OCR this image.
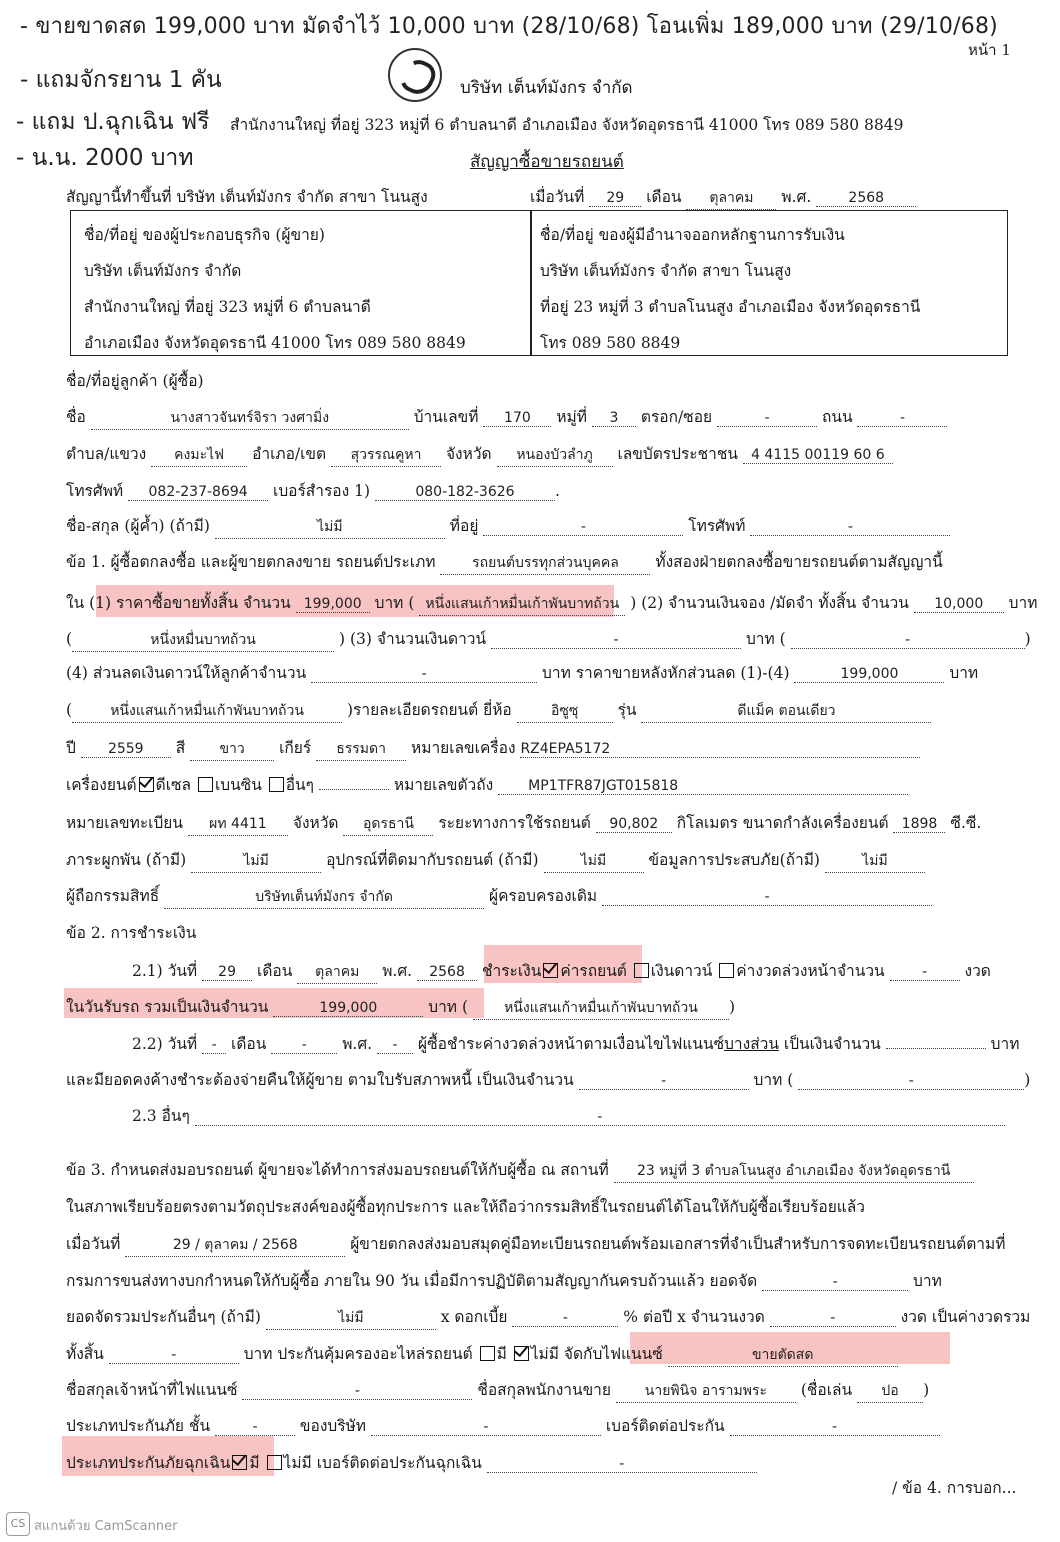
- ขายขาดสด 199,000 บาท มัดจำไว้ 10,000 บาท (28/10/68) โอนเพิ่ม 189,000 บาท (29/10/68)
- แถมจักรยาน 1 คัน
- แถม ป.ฉุกเฉิน ฟรี
- น.น. 2000 บาท
หน้า 1
บริษัท เต็นท์มังกร จำกัด
สำนักงานใหญ่ ที่อยู่ 323 หมู่ที่ 6 ตำบลนาดี อำเภอเมือง จังหวัดอุดรธานี 41000 โทร 089 580 8849
สัญญาซื้อขายรถยนต์
สัญญานี้ทำขึ้นที่ บริษัท เต็นท์มังกร จำกัด สาขา โนนสูง	เมื่อวันที่ 29 เดือน ตุลาคม พ.ศ.	2568
ชื่อ/ที่อยู่ ของผู้ประกอบธุรกิจ (ผู้ขาย)
บริษัท เต็นท์มังกร จำกัด
สำนักงานใหญ่ ที่อยู่ 323 หมู่ที่ 6 ตำบลนาดี
อำเภอเมือง จังหวัดอุดรธานี 41000 โทร 089 580 8849
ชื่อ/ที่อยู่ ของผู้มีอำนาจออกหลักฐานการรับเงิน
บริษัท เต็นท์มังกร จำกัด สาขา โนนสูง
ที่อยู่ 23 หมู่ที่ 3 ตำบลโนนสูง อำเภอเมือง จังหวัดอุดรธานี
โทร 089 580 8849
ชื่อ/ที่อยู่ลูกค้า (ผู้ซื้อ)
ชื่อ	นางสาวจันทร์จิรา วงศามิ่ง	บ้านเลขที่ 170 หมู่ที่ 3 ตรอก/ซอย	-	ถนน	-
ตำบล/แขวง คงมะไฟ อำเภอ/เขต สุวรรณคูหา จังหวัด หนองบัวลำภู เลขบัตรประชาชน 4 4115 00119 60 6
โทรศัพท์ 082-237-8694 เบอร์สำรอง 1)	080-182-3626	.
ชื่อ-สกุล (ผู้ค้ำ) (ถ้ามี)	ไม่มี	ที่อยู่	-	โทรศัพท์	-
ข้อ 1. ผู้ซื้อตกลงซื้อ และผู้ขายตกลงขาย รถยนต์ประเภท	รถยนต์บรรทุกส่วนบุคคล ทั้งสองฝ่ายตกลงซื้อขายรถยนต์ตามสัญญานี้
ใน (1) ราคาซื้อขายทั้งสิ้น จำนวน 199,000 บาท ( หนึ่งแสนเก้าหมื่นเก้าพันบาทถ้วน ) (2) จำนวนเงินจอง /มัดจำ ทั้งสิ้น จำนวน 10,000 บาท
(	หนึ่งหมื่นบาทถ้วน	) (3) จำนวนเงินดาวน์	-	บาท (	-	)
(4) ส่วนลดเงินดาวน์ให้ลูกค้าจำนวน	-	บาท ราคาขายหลังหักส่วนลด (1)-(4)	199,000	บาท
(	หนึ่งแสนเก้าหมื่นเก้าพันบาทถ้วน	)รายละเอียดรถยนต์ ยี่ห้อ	อิซูซุ	รุ่น	ดีแม็ค ตอนเดียว
ปี 2559 สี ขาว เกียร์ ธรรมดา หมายเลขเครื่อง RZ4EPA5172
เครื่องยนต์ ดีเซล เบนซิน อื่นๆ	หมายเลขตัวถัง MP1TFR87JGT015818
หมายเลขทะเบียน ผท 4411 จังหวัด อุดรธานี ระยะทางการใช้รถยนต์ 90,802 กิโลเมตร ขนาดกำลังเครื่องยนต์ 1898 ซี.ซี.
ภาระผูกพัน (ถ้ามี)	ไม่มี	อุปกรณ์ที่ติดมากับรถยนต์ (ถ้ามี)	ไม่มี	ข้อมูลการประสบภัย(ถ้ามี)	ไม่มี
ผู้ถือกรรมสิทธิ์	บริษัทเต็นท์มังกร จำกัด	ผู้ครอบครองเดิม	-
ข้อ 2. การชำระเงิน
2.1) วันที่ 29 เดือน ตุลาคม พ.ศ. 2568 ชำระเงิน ค่ารถยนต์ เงินดาวน์ ค่างวดล่วงหน้าจำนวน	- งวด
ในวันรับรถ รวมเป็นเงินจำนวน	199,000	บาท (	หนึ่งแสนเก้าหมื่นเก้าพันบาทถ้วน )
2.2) วันที่ - เดือน	- พ.ศ. - ผู้ซื้อชำระค่างวดล่วงหน้าตามเงื่อนไขไฟแนนซ์บางส่วน เป็นเงินจำนวน	บาท
และมียอดคงค้างชำระต้องจ่ายคืนให้ผู้ขาย ตามใบรับสภาพหนี้ เป็นเงินจำนวน	-	บาท (	-	)
2.3 อื่นๆ	-
ข้อ 3. กำหนดส่งมอบรถยนต์ ผู้ขายจะได้ทำการส่งมอบรถยนต์ให้กับผู้ซื้อ ณ สถานที่ 23 หมู่ที่ 3 ตำบลโนนสูง อำเภอเมือง จังหวัดอุดรธานี
ในสภาพเรียบร้อยตรงตามวัตถุประสงค์ของผู้ซื้อทุกประการ และให้ถือว่ากรรมสิทธิ์ในรถยนต์ได้โอนให้กับผู้ซื้อเรียบร้อยแล้ว
เมื่อวันที่	29 / ตุลาคม / 2568	ผู้ขายตกลงส่งมอบสมุดคู่มือทะเบียนรถยนต์พร้อมเอกสารที่จำเป็นสำหรับการจดทะเบียนรถยนต์ตามที่
กรมการขนส่งทางบกกำหนดให้กับผู้ซื้อ ภายใน 90 วัน เมื่อมีการปฏิบัติตามสัญญากันครบถ้วนแล้ว ยอดจัด	-	บาท
ยอดจัดรวมประกันอื่นๆ (ถ้ามี)	ไม่มี	x ดอกเบี้ย	-	% ต่อปี x จำนวนงวด	-	งวด เป็นค่างวดรวม
ทั้งสิ้น	-	บาท ประกันคุ้มครองอะไหล่รถยนต์ มี ไม่มี จัดกับไฟแนนซ์	ขายตัดสด
ชื่อสกุลเจ้าหน้าที่ไฟแนนซ์	-	ชื่อสกุลพนักงานขาย นายพินิจ อารามพระ (ชื่อเล่น ปอ )
ประเภทประกันภัย ชั้น	-	ของบริษัท	-	เบอร์ติดต่อประกัน	-
ประเภทประกันภัยฉุกเฉิน มี ไม่มี เบอร์ติดต่อประกันฉุกเฉิน	-
/ ข้อ 4. การบอก...
CS สแกนด้วย CamScanner
